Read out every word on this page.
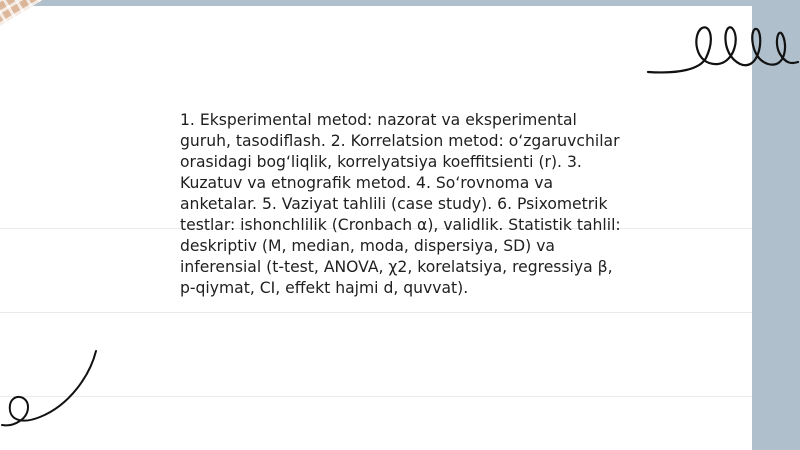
1. Eksperimental metod: nazorat va eksperimental guruh, tasodiflash. 2. Korrelatsion metod: o‘zgaruvchilar orasidagi bog‘liqlik, korrelyatsiya koeffitsienti (r). 3. Kuzatuv va etnografik metod. 4. So‘rovnoma va anketalar. 5. Vaziyat tahlili (case study). 6. Psixometrik testlar: ishonchlilik (Cronbach α), validlik. Statistik tahlil: deskriptiv (M, median, moda, dispersiya, SD) va inferensial (t-test, ANOVA, χ2, korelatsiya, regressiya β, p-qiymat, CI, effekt hajmi d, quvvat).
